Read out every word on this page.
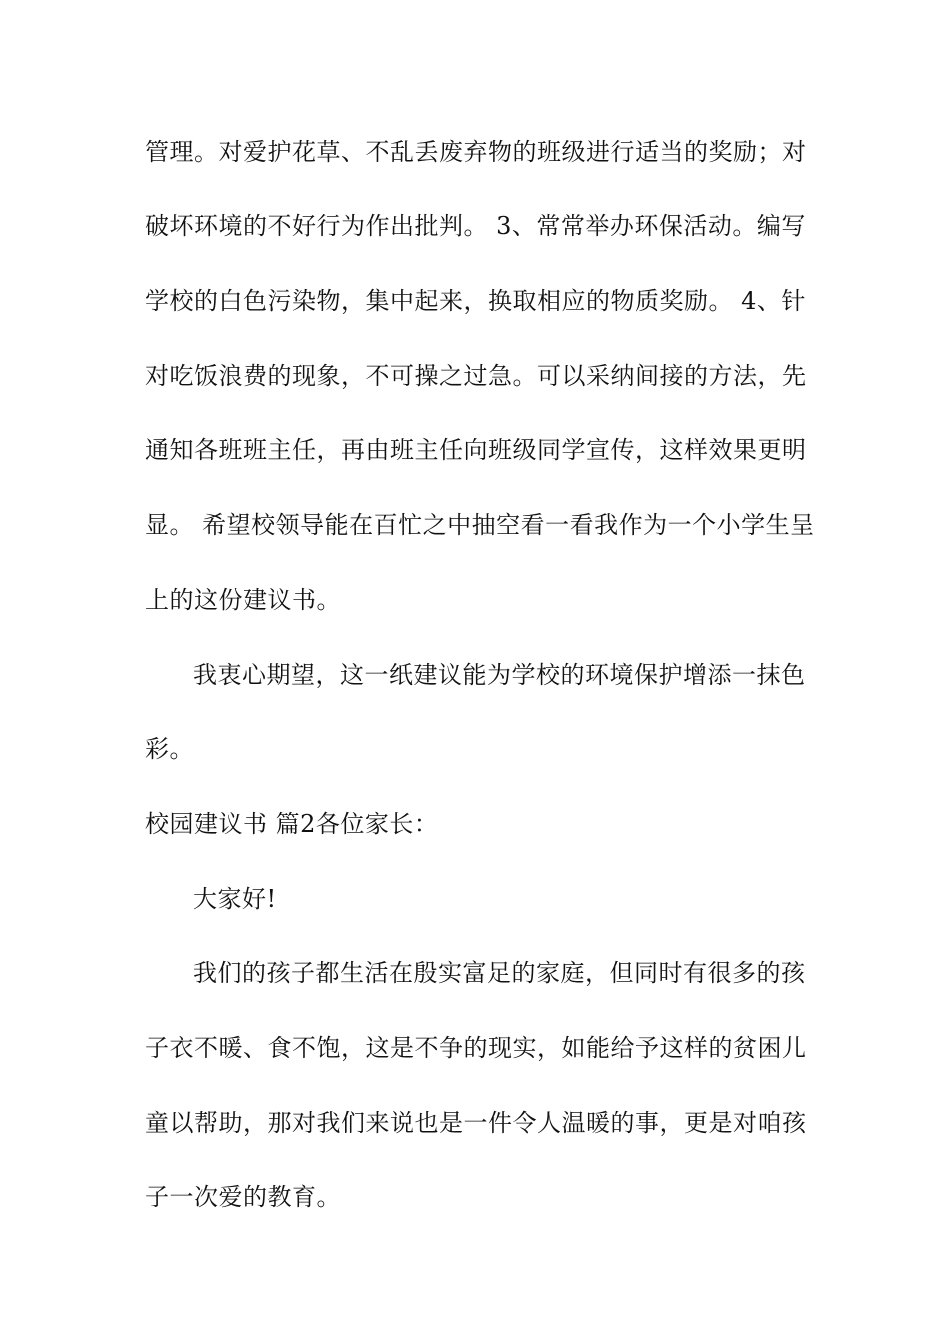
管理。对爱护花草、不乱丢废弃物的班级进行适当的奖励；对
破坏环境的不好行为作出批判。 3、常常举办环保活动。编写
学校的白色污染物，集中起来，换取相应的物质奖励。 4、针
对吃饭浪费的现象，不可操之过急。可以采纳间接的方法，先
通知各班班主任，再由班主任向班级同学宣传，这样效果更明
显。 希望校领导能在百忙之中抽空看一看我作为一个小学生呈
上的这份建议书。
我衷心期望，这一纸建议能为学校的环境保护增添一抹色
彩。
校园建议书 篇2各位家长：
大家好!
我们的孩子都生活在殷实富足的家庭，但同时有很多的孩
子衣不暖、食不饱，这是不争的现实，如能给予这样的贫困儿
童以帮助，那对我们来说也是一件令人温暖的事，更是对咱孩
子一次爱的教育。
